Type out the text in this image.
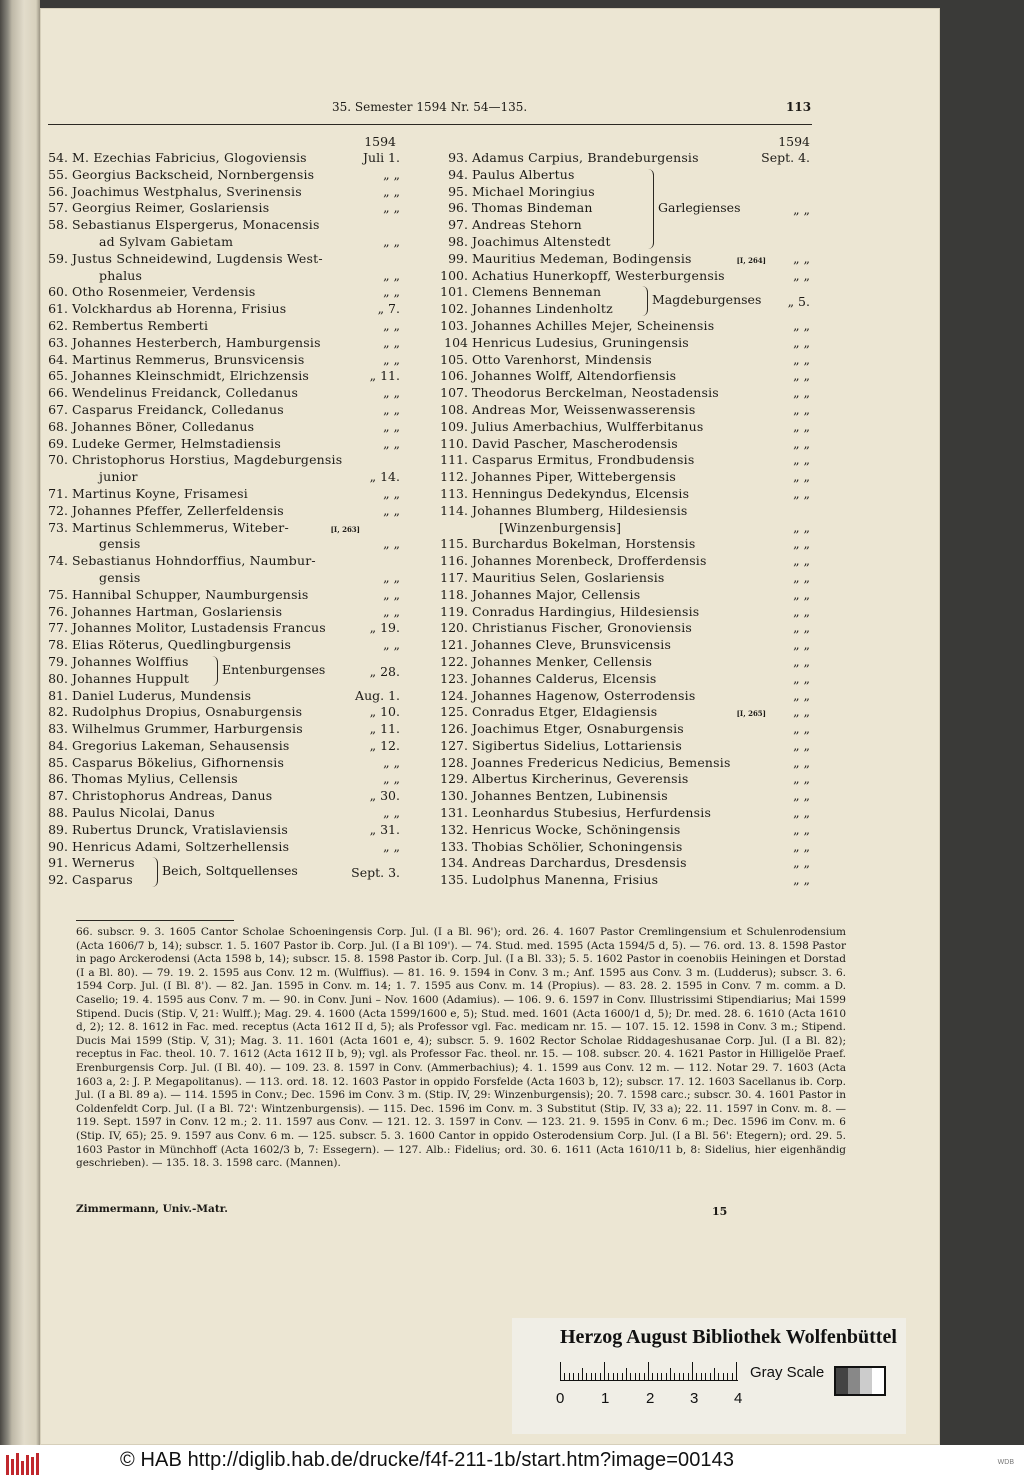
35. Semester 1594 Nr. 54—135.	113
1594
54. M. Ezechias Fabricius, Glogoviensis	Juli 1.
55. Georgius Backscheid, Nornbergensis	„ „
56. Joachimus Westphalus, Sverinensis	„ „
57. Georgius Reimer, Goslariensis	„ „
58. Sebastianus Elspergerus, Monacensis
ad Sylvam Gabietam	„ „
59. Justus Schneidewind, Lugdensis West-
phalus	„ „
60. Otho Rosenmeier, Verdensis	„ „
61. Volckhardus ab Horenna, Frisius	„ 7.
62. Rembertus Remberti	„ „
63. Johannes Hesterberch, Hamburgensis	„ „
64. Martinus Remmerus, Brunsvicensis	„ „
65. Johannes Kleinschmidt, Elrichzensis	„ 11.
66. Wendelinus Freidanck, Colledanus	„ „
67. Casparus Freidanck, Colledanus	„ „
68. Johannes Böner, Colledanus	„ „
69. Ludeke Germer, Helmstadiensis	„ „
70. Christophorus Horstius, Magdeburgensis
junior	„ 14.
71. Martinus Koyne, Frisamesi	„ „
72. Johannes Pfeffer, Zellerfeldensis	„ „
73. Martinus Schlemmerus, Witeber-	[I, 263]
gensis	„ „
74. Sebastianus Hohndorffius, Naumbur-
gensis	„ „
75. Hannibal Schupper, Naumburgensis	„ „
76. Johannes Hartman, Goslariensis	„ „
77. Johannes Molitor, Lustadensis Francus	„ 19.
78. Elias Röterus, Quedlingburgensis	„ „
79. Johannes Wolffius
80. Johannes Huppult
Entenburgenses	„ 28.
81. Daniel Luderus, Mundensis	Aug. 1.
82. Rudolphus Dropius, Osnaburgensis	„ 10.
83. Wilhelmus Grummer, Harburgensis	„ 11.
84. Gregorius Lakeman, Sehausensis	„ 12.
85. Casparus Bökelius, Gifhornensis	„ „
86. Thomas Mylius, Cellensis	„ „
87. Christophorus Andreas, Danus	„ 30.
88. Paulus Nicolai, Danus	„ „
89. Rubertus Drunck, Vratislaviensis	„ 31.
90. Henricus Adami, Soltzerhellensis	„ „
91. Wernerus
92. Casparus
Beich, Soltquellenses	Sept. 3.
1594
93. Adamus Carpius, Brandeburgensis	Sept. 4.
94. Paulus Albertus
95. Michael Moringius
96. Thomas Bindeman
97. Andreas Stehorn
98. Joachimus Altenstedt
Garlegienses	„ „
99. Mauritius Medeman, Bodingensis	[I, 264] „ „
100. Achatius Hunerkopff, Westerburgensis	„ „
101. Clemens Benneman
102. Johannes Lindenholtz
Magdeburgenses „ 5.
103. Johannes Achilles Mejer, Scheinensis	„ „
104 Henricus Ludesius, Gruningensis	„ „
105. Otto Varenhorst, Mindensis	„ „
106. Johannes Wolff, Altendorfiensis	„ „
107. Theodorus Berckelman, Neostadensis	„ „
108. Andreas Mor, Weissenwasserensis	„ „
109. Julius Amerbachius, Wulfferbitanus	„ „
110. David Pascher, Mascherodensis	„ „
111. Casparus Ermitus, Frondbudensis	„ „
112. Johannes Piper, Wittebergensis	„ „
113. Henningus Dedekyndus, Elcensis	„ „
114. Johannes Blumberg, Hildesiensis
[Winzenburgensis]	„ „
115. Burchardus Bokelman, Horstensis	„ „
116. Johannes Morenbeck, Drofferdensis	„ „
117. Mauritius Selen, Goslariensis	„ „
118. Johannes Major, Cellensis	„ „
119. Conradus Hardingius, Hildesiensis	„ „
120. Christianus Fischer, Gronoviensis	„ „
121. Johannes Cleve, Brunsvicensis	„ „
122. Johannes Menker, Cellensis	„ „
123. Johannes Calderus, Elcensis	„ „
124. Johannes Hagenow, Osterrodensis	„ „
125. Conradus Etger, Eldagiensis	[I, 265] „ „
126. Joachimus Etger, Osnaburgensis	„ „
127. Sigibertus Sidelius, Lottariensis	„ „
128. Joannes Fredericus Nedicius, Bemensis	„ „
129. Albertus Kircherinus, Geverensis	„ „
130. Johannes Bentzen, Lubinensis	„ „
131. Leonhardus Stubesius, Herfurdensis	„ „
132. Henricus Wocke, Schöningensis	„ „
133. Thobias Schölier, Schoningensis	„ „
134. Andreas Darchardus, Dresdensis	„ „
135. Ludolphus Manenna, Frisius	„ „
66. subscr. 9. 3. 1605 Cantor Scholae Schoeningensis Corp. Jul. (I a Bl. 96'); ord. 26. 4. 1607 Pastor Cremlingensium et Schulenrodensium (Acta 1606/7 b, 14); subscr. 1. 5. 1607 Pastor ib. Corp. Jul. (I a Bl 109'). — 74. Stud. med. 1595 (Acta 1594/5 d, 5). — 76. ord. 13. 8. 1598 Pastor in pago Arckerodensi (Acta 1598 b, 14); subscr. 15. 8. 1598 Pastor ib. Corp. Jul. (I a Bl. 33); 5. 5. 1602 Pastor in coenobiis Heiningen et Dorstad (I a Bl. 80). — 79. 19. 2. 1595 aus Conv. 12 m. (Wulffius). — 81. 16. 9. 1594 in Conv. 3 m.; Anf. 1595 aus Conv. 3 m. (Ludderus); subscr. 3. 6. 1594 Corp. Jul. (I Bl. 8'). — 82. Jan. 1595 in Conv. m. 14; 1. 7. 1595 aus Conv. m. 14 (Propius). — 83. 28. 2. 1595 in Conv. 7 m. comm. a D. Caselio; 19. 4. 1595 aus Conv. 7 m. — 90. in Conv. Juni – Nov. 1600 (Adamius). — 106. 9. 6. 1597 in Conv. Illustrissimi Stipendiarius; Mai 1599 Stipend. Ducis (Stip. V, 21: Wulff.); Mag. 29. 4. 1600 (Acta 1599/1600 e, 5); Stud. med. 1601 (Acta 1600/1 d, 5); Dr. med. 28. 6. 1610 (Acta 1610 d, 2); 12. 8. 1612 in Fac. med. receptus (Acta 1612 II d, 5); als Professor vgl. Fac. medicam nr. 15. — 107. 15. 12. 1598 in Conv. 3 m.; Stipend. Ducis Mai 1599 (Stip. V, 31); Mag. 3. 11. 1601 (Acta 1601 e, 4); subscr. 5. 9. 1602 Rector Scholae Riddageshusanae Corp. Jul. (I a Bl. 82); receptus in Fac. theol. 10. 7. 1612 (Acta 1612 II b, 9); vgl. als Professor Fac. theol. nr. 15. — 108. subscr. 20. 4. 1621 Pastor in Hilligelöe Praef. Erenburgensis Corp. Jul. (I Bl. 40). — 109. 23. 8. 1597 in Conv. (Ammerbachius); 4. 1. 1599 aus Conv. 12 m. — 112. Notar 29. 7. 1603 (Acta 1603 a, 2: J. P. Megapolitanus). — 113. ord. 18. 12. 1603 Pastor in oppido Forsfelde (Acta 1603 b, 12); subscr. 17. 12. 1603 Sacellanus ib. Corp. Jul. (I a Bl. 89 a). — 114. 1595 in Conv.; Dec. 1596 im Conv. 3 m. (Stip. IV, 29: Winzenburgensis); 20. 7. 1598 carc.; subscr. 30. 4. 1601 Pastor in Coldenfeldt Corp. Jul. (I a Bl. 72': Wintzenburgensis). — 115. Dec. 1596 im Conv. m. 3 Substitut (Stip. IV, 33 a); 22. 11. 1597 in Conv. m. 8. — 119. Sept. 1597 in Conv. 12 m.; 2. 11. 1597 aus Conv. — 121. 12. 3. 1597 in Conv. — 123. 21. 9. 1595 in Conv. 6 m.; Dec. 1596 im Conv. m. 6 (Stip. IV, 65); 25. 9. 1597 aus Conv. 6 m. — 125. subscr. 5. 3. 1600 Cantor in oppido Osterodensium Corp. Jul. (I a Bl. 56': Etegern); ord. 29. 5. 1603 Pastor in Münchhoff (Acta 1602/3 b, 7: Essegern). — 127. Alb.: Fidelius; ord. 30. 6. 1611 (Acta 1610/11 b, 8: Sidelius, hier eigenhändig geschrieben). — 135. 18. 3. 1598 carc. (Mannen).
Zimmermann, Univ.-Matr.	15
Herzog August Bibliothek Wolfenbüttel
0 1 2 3 4
Gray Scale
© HAB http://diglib.hab.de/drucke/f4f-211-1b/start.htm?image=00143	WDB
